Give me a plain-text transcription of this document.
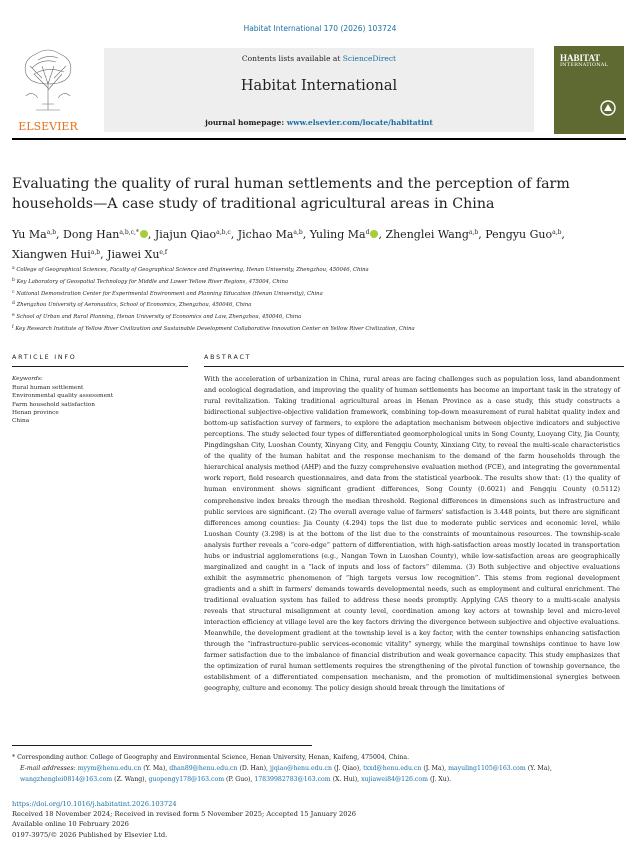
Habitat International 170 (2026) 103724
ELSEVIER
Contents lists available at ScienceDirect
Habitat International
journal homepage: www.elsevier.com/locate/habitatint
HABITAT
INTERNATIONAL
Evaluating the quality of rural human settlements and the perception of farm households—A case study of traditional agricultural areas in China
Yu Ma$^{a,b}$, Dong Han$^{a,b,c,*}$ , Jiajun Qiao$^{a,b,c}$, Jichao Ma$^{a,b}$, Yuling Ma$^d$ , Zhenglei Wang$^{a,b}$, Pengyu Guo$^{a,b}$, Xiangwen Hui$^{a,b}$, Jiawei Xu$^{e,f}$
$^a$ College of Geographical Sciences, Faculty of Geographical Science and Engineering, Henan University, Zhengzhou, 450046, China
$^b$ Key Laboratory of Geospatial Technology for Middle and Lower Yellow River Regions, 475004, China
$^c$ National Demonstration Center for Experimental Environment and Planning Education (Henan University), China
$^d$ Zhengzhou University of Aeronautics, School of Economics, Zhengzhou, 450046, China
$^e$ School of Urban and Rural Planning, Henan University of Economics and Law, Zhengzhou, 450046, China
$^f$ Key Research Institute of Yellow River Civilization and Sustainable Development Collaborative Innovation Center on Yellow River Civilization, China
ARTICLE INFO	ABSTRACT
Keywords:
Rural human settlement
Environmental quality assessment
Farm household satisfaction
Henan province
China
With the acceleration of urbanization in China, rural areas are facing challenges such as population loss, land abandonment and ecological degradation, and improving the quality of human settlements has become an important task in the strategy of rural revitalization. Taking traditional agricultural areas in Henan Province as a case study, this study constructs a bidirectional subjective-objective validation framework, combining top-down measurement of rural habitat quality index and bottom-up satisfaction survey of farmers, to explore the adaptation mechanism between objective indicators and subjective perceptions. The study selected four types of differentiated geomorphological units in Song County, Luoyang City, Jia County, Pingdingshan City, Luoshan County, Xinyang City, and Fengqiu County, Xinxiang City, to reveal the multi-scale characteristics of the quality of the human habitat and the response mechanism to the demand of the farm households through the hierarchical analysis method (AHP) and the fuzzy comprehensive evaluation method (FCE), and integrating the governmental work report, field research questionnaires, and data from the statistical yearbook. The results show that: (1) the quality of human environment shows significant gradient differences, Song County (0.6021) and Fengqiu County (0.5112) comprehensive index breaks through the median threshold. Regional differences in dimensions such as infrastructure and public services are significant. (2) The overall average value of farmers' satisfaction is 3.448 points, but there are significant differences among counties: Jia County (4.294) tops the list due to moderate public services and economic level, while Luoshan County (3.298) is at the bottom of the list due to the constraints of mountainous resources. The township-scale analysis further reveals a “core-edge” pattern of differentiation, with high-satisfaction areas mostly located in transportation hubs or industrial agglomerations (e.g., Nangan Town in Luoshan County), while low-satisfaction areas are geographically marginalized and caught in a “lack of inputs and loss of factors” dilemma. (3) Both subjective and objective evaluations exhibit the asymmetric phenomenon of “high targets versus low recognition”. This stems from regional development gradients and a shift in farmers' demands towards developmental needs, such as employment and cultural enrichment. The traditional evaluation system has failed to address these needs promptly. Applying CAS theory to a multi-scale analysis reveals that structural misalignment at county level, coordination among key actors at township level and micro-level interaction efficiency at village level are the key factors driving the divergence between subjective and objective evaluations. Meanwhile, the development gradient at the township level is a key factor, with the center townships enhancing satisfaction through the “infrastructure-public services-economic vitality” synergy, while the marginal townships continue to have low farmer satisfaction due to the imbalance of financial distribution and weak governance capacity. This study emphasizes that the optimization of rural human settlements requires the strengthening of the pivotal function of township governance, the establishment of a differentiated compensation mechanism, and the promotion of multidimensional synergies between geography, culture and economy. The policy design should break through the limitations of
* Corresponding author. College of Geography and Environmental Science, Henan University, Henan, Kaifeng, 475004, China.
E-mail addresses: myym@henu.edu.cn (Y. Ma), dhan89@henu.edu.cn (D. Han), jjqiao@henu.edu.cn (J. Qiao), txxd@henu.edu.cn (J. Ma), mayuling1105@163.com (Y. Ma), wangzhenglei0814@163.com (Z. Wang), guopengy178@163.com (P. Guo), 17839982783@163.com (X. Hui), xujiawei84@126.com (J. Xu).
https://doi.org/10.1016/j.habitatint.2026.103724
Received 18 November 2024; Received in revised form 5 November 2025; Accepted 15 January 2026
Available online 10 February 2026
0197-3975/© 2026 Published by Elsevier Ltd.
